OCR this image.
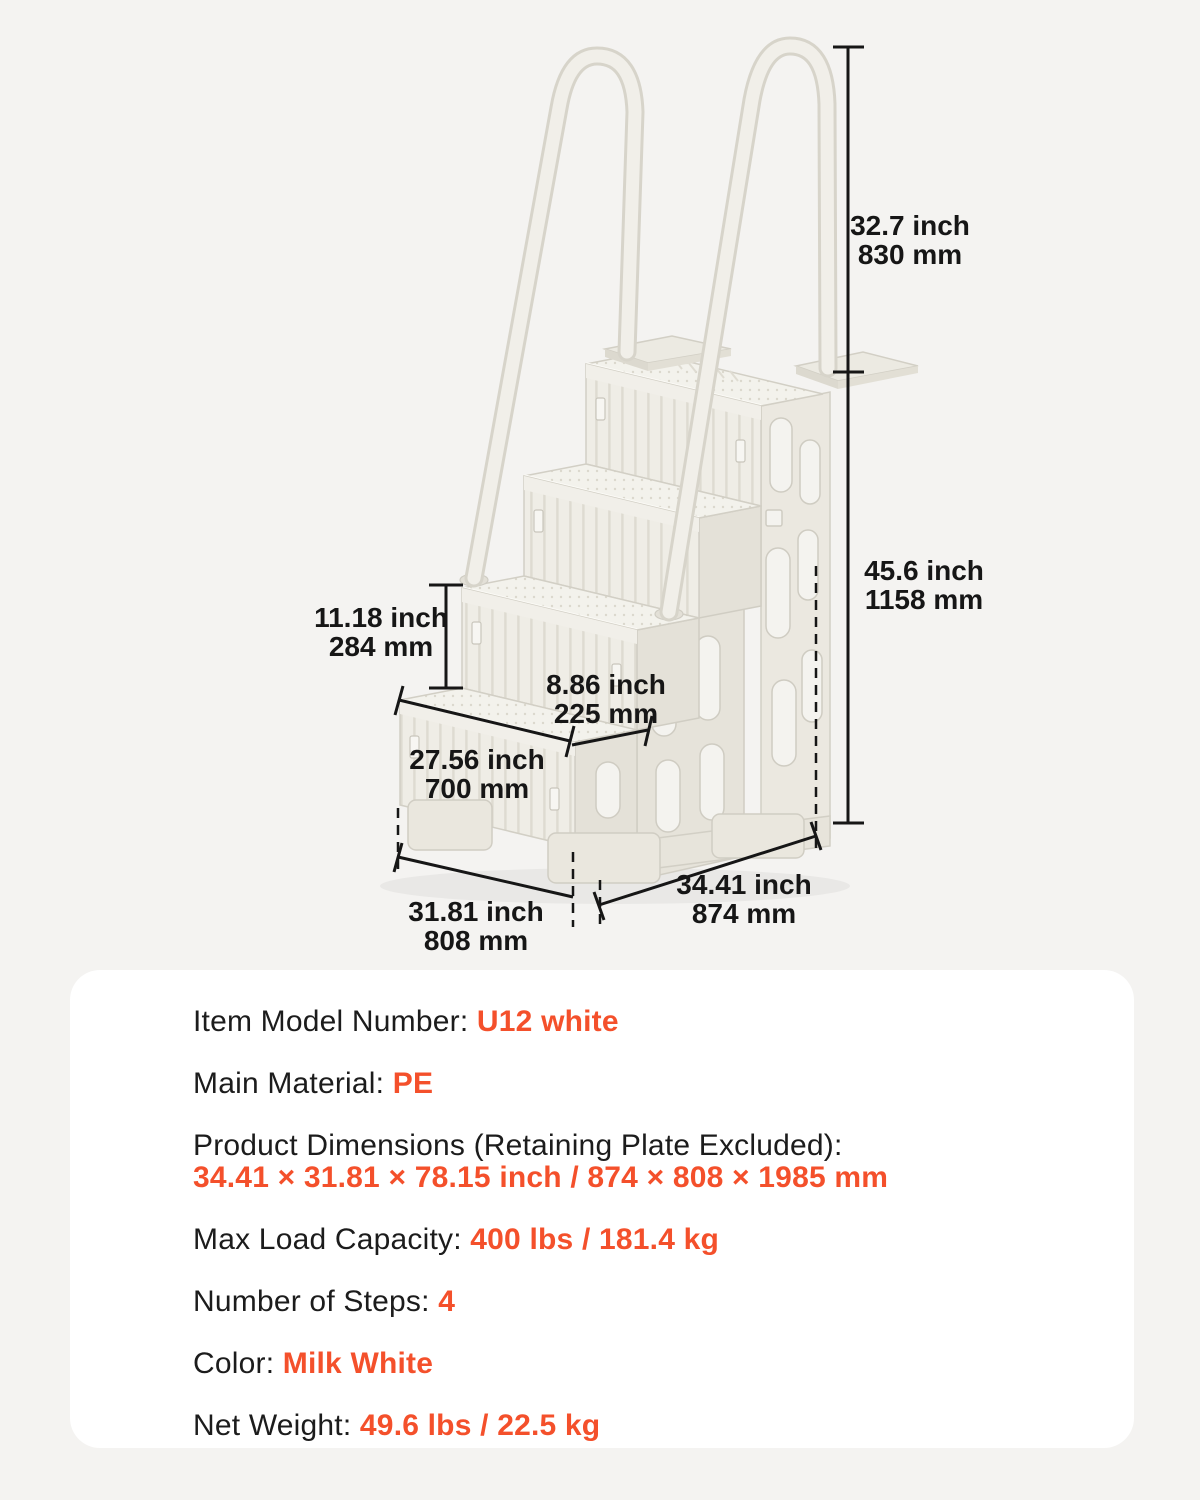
32.7 inch
830 mm
45.6 inch
1158 mm
11.18 inch
284 mm
27.56 inch
700 mm
8.86 inch
225 mm
31.81 inch
808 mm
34.41 inch
874 mm

Item Model Number: U12 white

Main Material: PE

Product Dimensions (Retaining Plate Excluded):
34.41 × 31.81 × 78.15 inch / 874 × 808 × 1985 mm

Max Load Capacity: 400 lbs / 181.4 kg

Number of Steps: 4

Color: Milk White

Net Weight: 49.6 lbs / 22.5 kg
